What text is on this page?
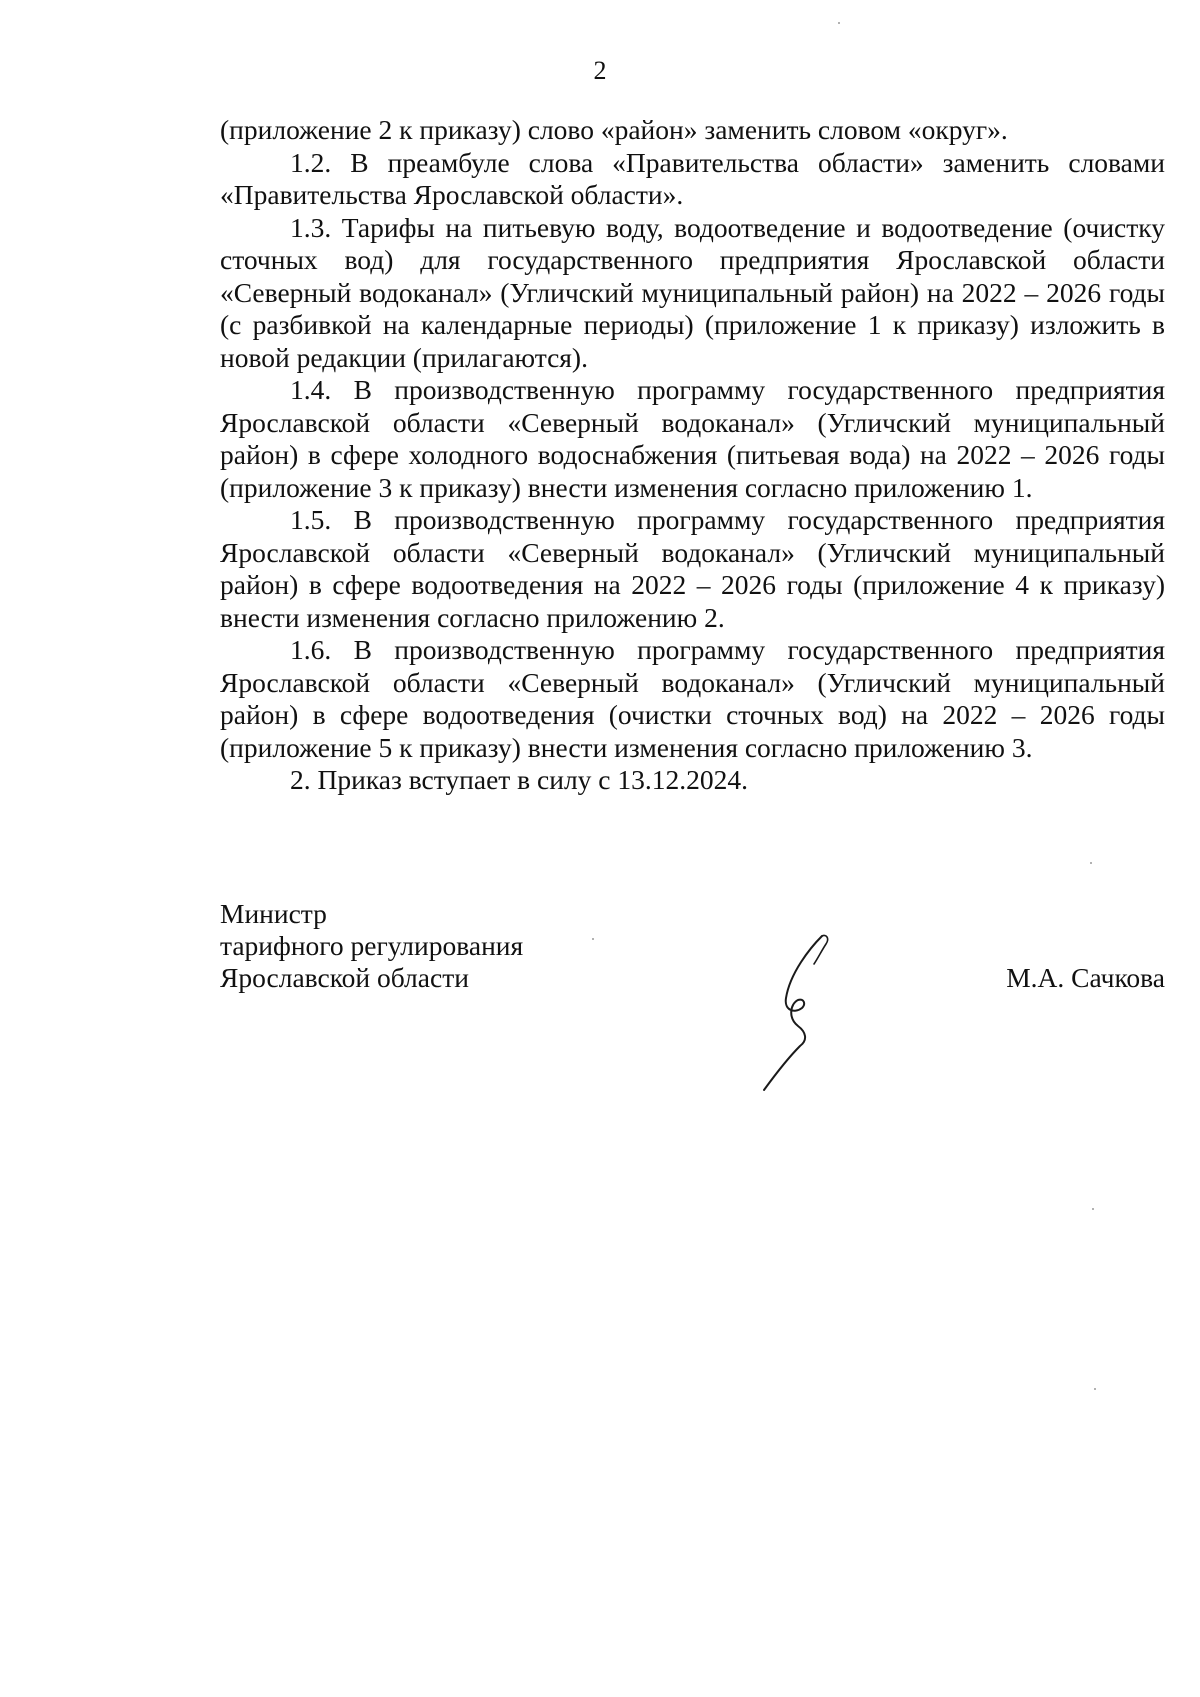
2

(приложение 2 к приказу) слово «район» заменить словом «округ».

1.2. В преамбуле слова «Правительства области» заменить словами «Правительства Ярославской области».

1.3. Тарифы на питьевую воду, водоотведение и водоотведение (очистку сточных вод) для государственного предприятия Ярославской области «Северный водоканал» (Угличский муниципальный район) на 2022 – 2026 годы (с разбивкой на календарные периоды) (приложение 1 к приказу) изложить в новой редакции (прилагаются).

1.4. В производственную программу государственного предприятия Ярославской области «Северный водоканал» (Угличский муниципальный район) в сфере холодного водоснабжения (питьевая вода) на 2022 – 2026 годы (приложение 3 к приказу) внести изменения согласно приложению 1.

1.5. В производственную программу государственного предприятия Ярославской области «Северный водоканал» (Угличский муниципальный район) в сфере водоотведения на 2022 – 2026 годы (приложение 4 к приказу) внести изменения согласно приложению 2.

1.6. В производственную программу государственного предприятия Ярославской области «Северный водоканал» (Угличский муниципальный район) в сфере водоотведения (очистки сточных вод) на 2022 – 2026 годы (приложение 5 к приказу) внести изменения согласно приложению 3.

2. Приказ вступает в силу с 13.12.2024.

Министр
тарифного регулирования
Ярославской области	М.А. Сачкова
